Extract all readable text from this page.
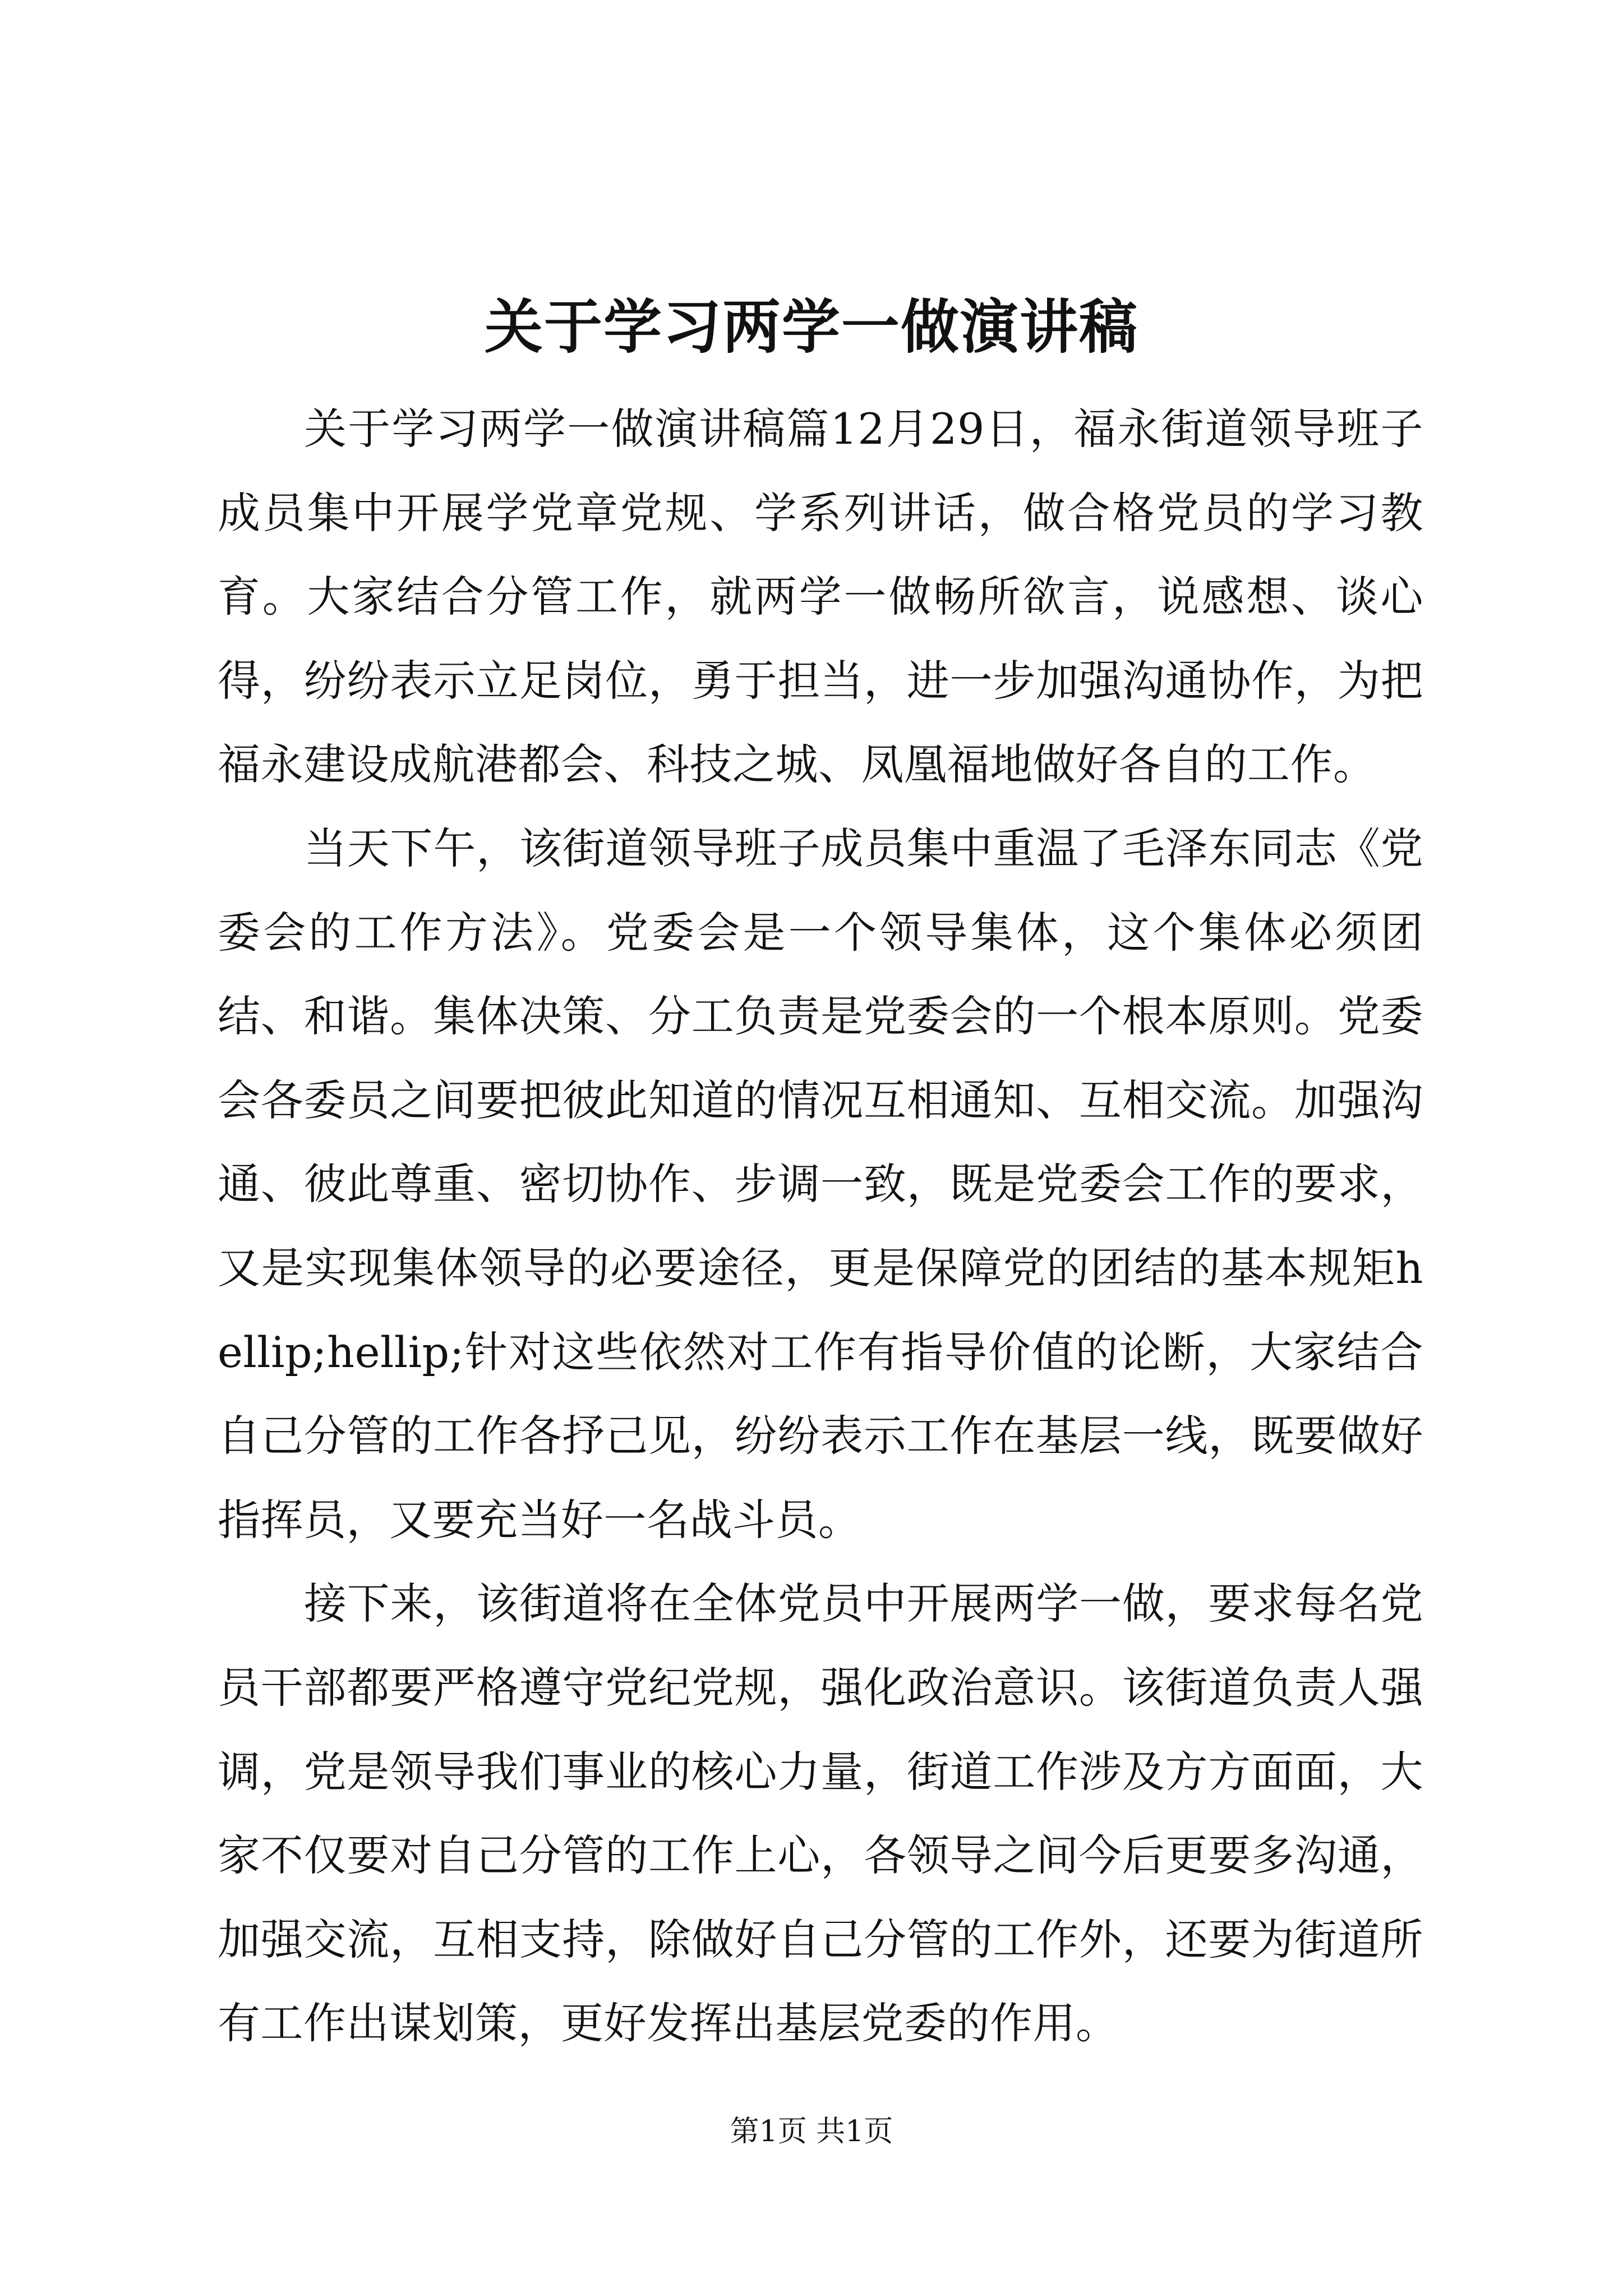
关于学习两学一做演讲稿

关于学习两学一做演讲稿篇12月29日，福永街道领导班子成员集中开展学党章党规、学系列讲话，做合格党员的学习教育。大家结合分管工作，就两学一做畅所欲言，说感想、谈心得，纷纷表示立足岗位，勇于担当，进一步加强沟通协作，为把福永建设成航港都会、科技之城、凤凰福地做好各自的工作。

当天下午，该街道领导班子成员集中重温了毛泽东同志《党委会的工作方法》。党委会是一个领导集体，这个集体必须团结、和谐。集体决策、分工负责是党委会的一个根本原则。党委会各委员之间要把彼此知道的情况互相通知、互相交流。加强沟通、彼此尊重、密切协作、步调一致，既是党委会工作的要求，又是实现集体领导的必要途径，更是保障党的团结的基本规矩hellip;hellip;针对这些依然对工作有指导价值的论断，大家结合自己分管的工作各抒己见，纷纷表示工作在基层一线，既要做好指挥员，又要充当好一名战斗员。

接下来，该街道将在全体党员中开展两学一做，要求每名党员干部都要严格遵守党纪党规，强化政治意识。该街道负责人强调，党是领导我们事业的核心力量，街道工作涉及方方面面，大家不仅要对自己分管的工作上心，各领导之间今后更要多沟通，加强交流，互相支持，除做好自己分管的工作外，还要为街道所有工作出谋划策，更好发挥出基层党委的作用。

第1页 共1页
